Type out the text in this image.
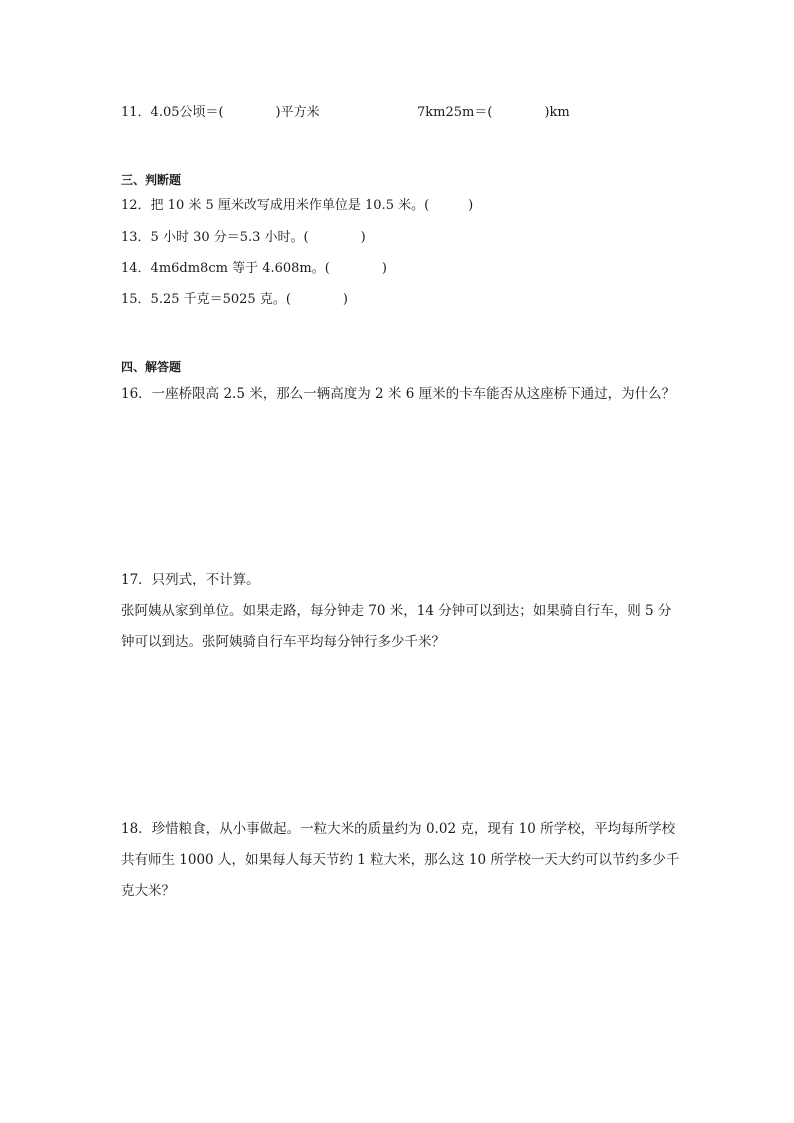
11．4.05公顷＝(　　　　)平方米	7km25m＝(　　　　)km
三、判断题
12．把 10 米 5 厘米改写成用米作单位是 10.5 米。(　　　)
13．5 小时 30 分＝5.3 小时。(　　　　)
14．4m6dm8cm 等于 4.608m。(　　　　)
15．5.25 千克＝5025 克。(　　　　)
四、解答题
16．一座桥限高 2.5 米，那么一辆高度为 2 米 6 厘米的卡车能否从这座桥下通过，为什么？
17．只列式，不计算。
张阿姨从家到单位。如果走路，每分钟走 70 米，14 分钟可以到达；如果骑自行车，则 5 分
钟可以到达。张阿姨骑自行车平均每分钟行多少千米？
18．珍惜粮食，从小事做起。一粒大米的质量约为 0.02 克，现有 10 所学校，平均每所学校
共有师生 1000 人，如果每人每天节约 1 粒大米，那么这 10 所学校一天大约可以节约多少千
克大米？
